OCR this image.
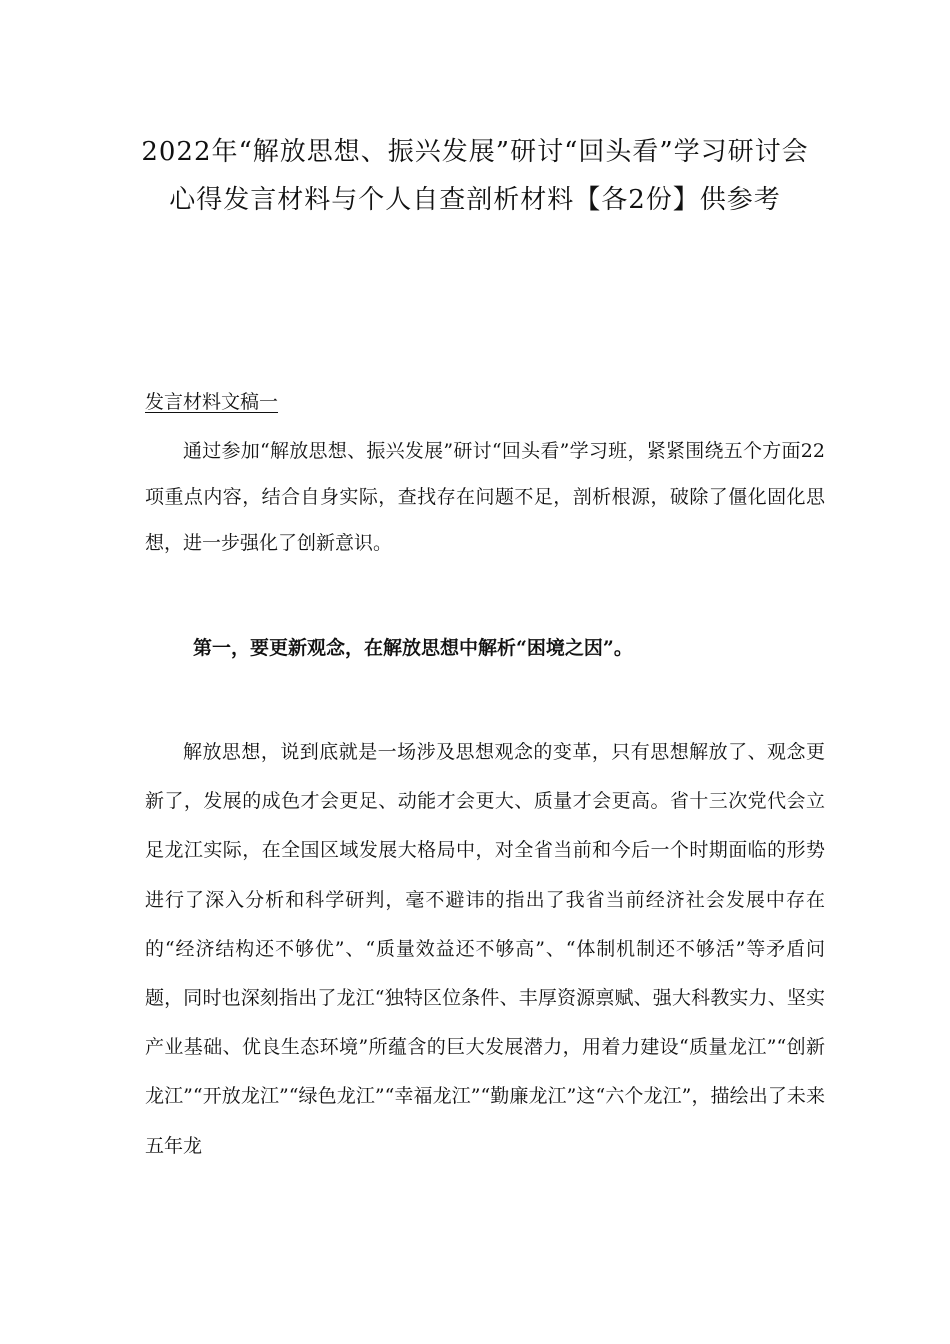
2022年“解放思想、振兴发展”研讨“回头看”学习研讨会心得发言材料与个人自查剖析材料【各2份】供参考
发言材料文稿一

通过参加“解放思想、振兴发展”研讨“回头看”学习班，紧紧围绕五个方面22项重点内容，结合自身实际，查找存在问题不足，剖析根源，破除了僵化固化思想，进一步强化了创新意识。

第一，要更新观念，在解放思想中解析“困境之因”。

解放思想，说到底就是一场涉及思想观念的变革，只有思想解放了、观念更新了，发展的成色才会更足、动能才会更大、质量才会更高。省十三次党代会立足龙江实际，在全国区域发展大格局中，对全省当前和今后一个时期面临的形势进行了深入分析和科学研判，毫不避讳的指出了我省当前经济社会发展中存在的“经济结构还不够优”、“质量效益还不够高”、“体制机制还不够活”等矛盾问题，同时也深刻指出了龙江“独特区位条件、丰厚资源禀赋、强大科教实力、坚实产业基础、优良生态环境”所蕴含的巨大发展潜力，用着力建设“质量龙江”“创新龙江”“开放龙江”“绿色龙江”“幸福龙江”“勤廉龙江”这“六个龙江”，描绘出了未来五年龙
